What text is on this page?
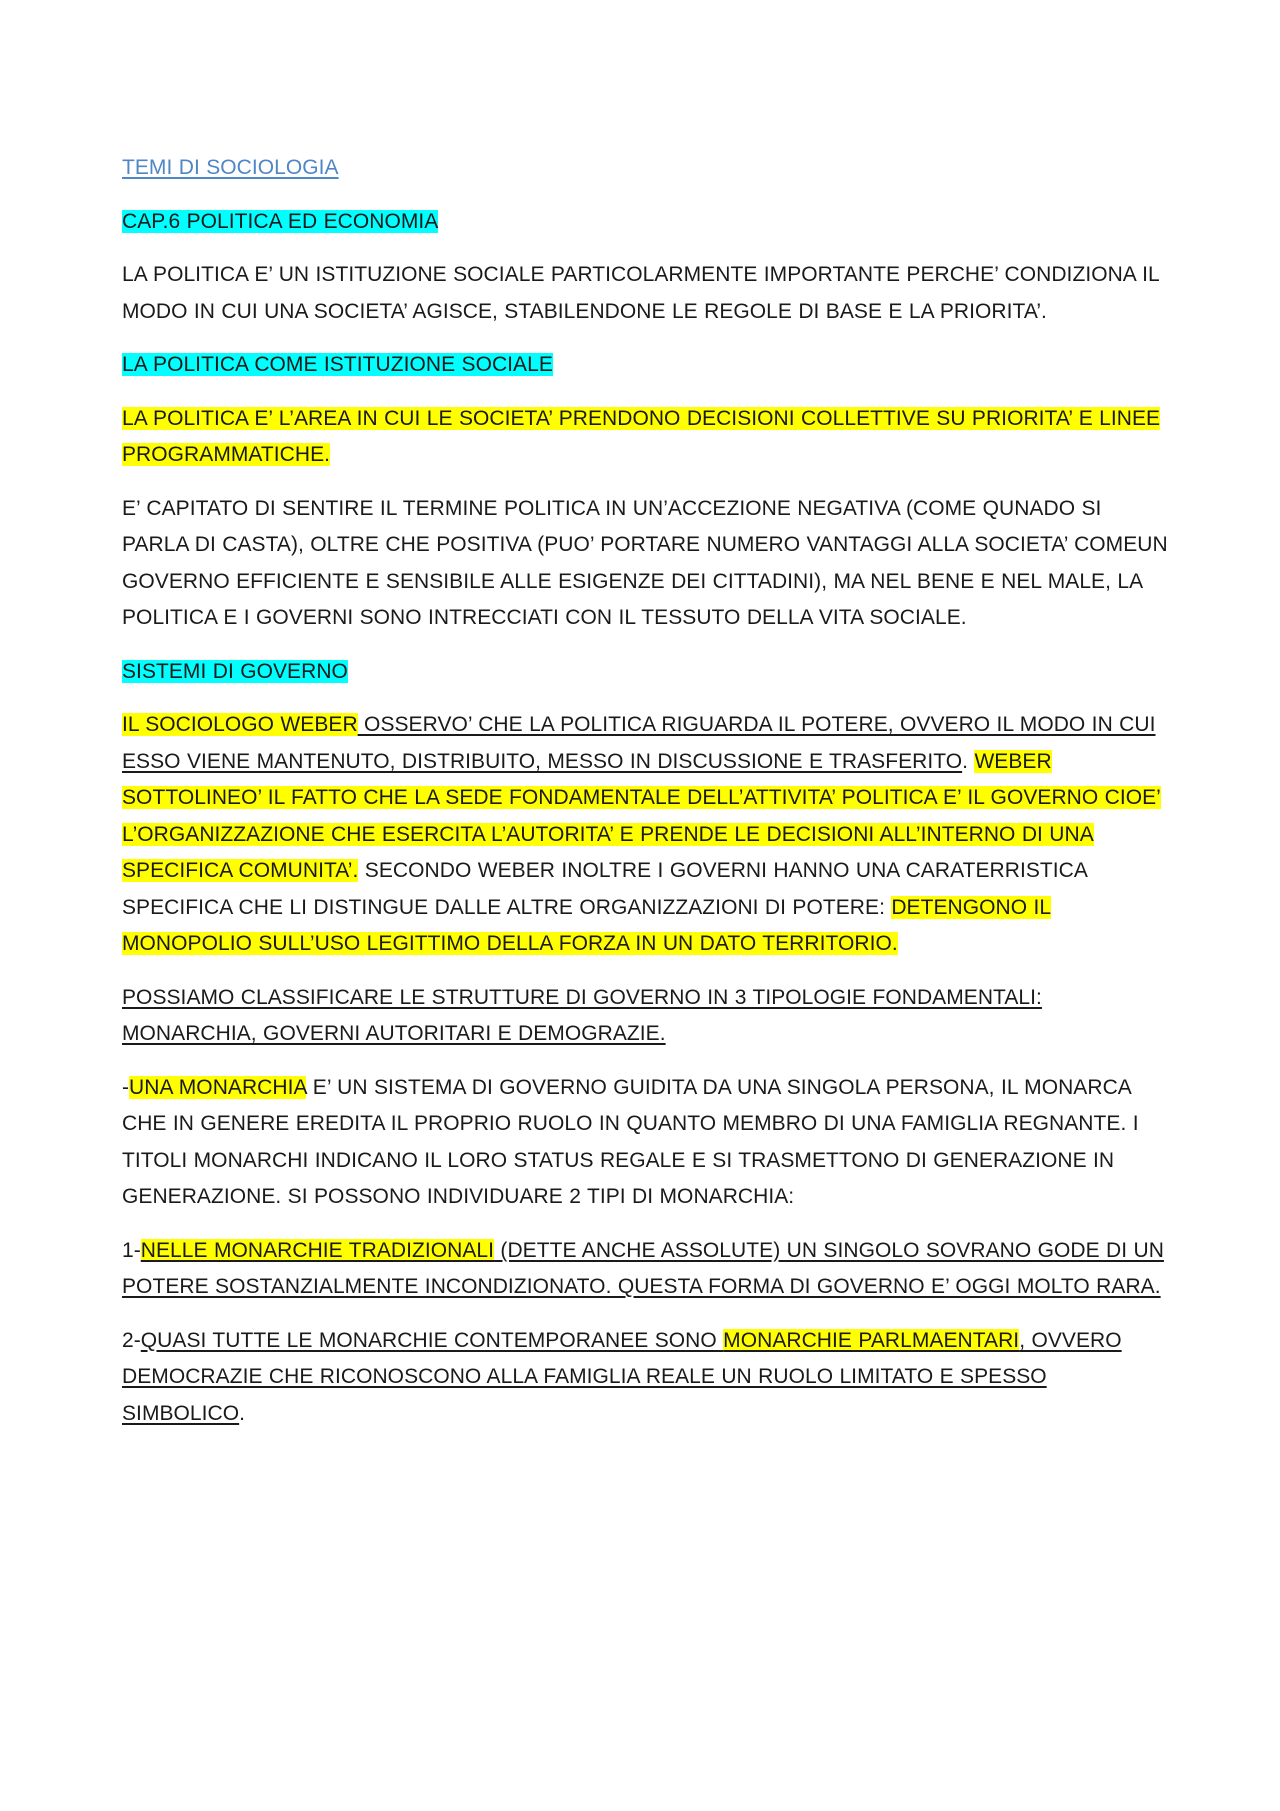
TEMI DI SOCIOLOGIA

CAP.6 POLITICA ED ECONOMIA

LA POLITICA E’ UN ISTITUZIONE SOCIALE PARTICOLARMENTE IMPORTANTE PERCHE’ CONDIZIONA IL MODO IN CUI UNA SOCIETA’ AGISCE, STABILENDONE LE REGOLE DI BASE E LA PRIORITA’.

LA POLITICA COME ISTITUZIONE SOCIALE

LA POLITICA E’ L’AREA IN CUI LE SOCIETA’ PRENDONO DECISIONI COLLETTIVE SU PRIORITA’ E LINEE PROGRAMMATICHE.

E’ CAPITATO DI SENTIRE IL TERMINE POLITICA IN UN’ACCEZIONE NEGATIVA (COME QUNADO SI PARLA DI CASTA), OLTRE CHE POSITIVA (PUO’ PORTARE NUMERO VANTAGGI ALLA SOCIETA’ COMEUN GOVERNO EFFICIENTE E SENSIBILE ALLE ESIGENZE DEI CITTADINI), MA NEL BENE E NEL MALE, LA POLITICA E I GOVERNI SONO INTRECCIATI CON IL TESSUTO DELLA VITA SOCIALE.

SISTEMI DI GOVERNO

IL SOCIOLOGO WEBER OSSERVO’ CHE LA POLITICA RIGUARDA IL POTERE, OVVERO IL MODO IN CUI ESSO VIENE MANTENUTO, DISTRIBUITO, MESSO IN DISCUSSIONE E TRASFERITO. WEBER SOTTOLINEO’ IL FATTO CHE LA SEDE FONDAMENTALE DELL’ATTIVITA’ POLITICA E’ IL GOVERNO CIOE’ L’ORGANIZZAZIONE CHE ESERCITA L’AUTORITA’ E PRENDE LE DECISIONI ALL’INTERNO DI UNA SPECIFICA COMUNITA’. SECONDO WEBER INOLTRE I GOVERNI HANNO UNA CARATERRISTICA SPECIFICA CHE LI DISTINGUE DALLE ALTRE ORGANIZZAZIONI DI POTERE: DETENGONO IL MONOPOLIO SULL’USO LEGITTIMO DELLA FORZA IN UN DATO TERRITORIO.

POSSIAMO CLASSIFICARE LE STRUTTURE DI GOVERNO IN 3 TIPOLOGIE FONDAMENTALI: MONARCHIA, GOVERNI AUTORITARI E DEMOGRAZIE.

-UNA MONARCHIA E’ UN SISTEMA DI GOVERNO GUIDITA DA UNA SINGOLA PERSONA, IL MONARCA CHE IN GENERE EREDITA IL PROPRIO RUOLO IN QUANTO MEMBRO DI UNA FAMIGLIA REGNANTE. I TITOLI MONARCHI INDICANO IL LORO STATUS REGALE E SI TRASMETTONO DI GENERAZIONE IN GENERAZIONE. SI POSSONO INDIVIDUARE 2 TIPI DI MONARCHIA:

1-NELLE MONARCHIE TRADIZIONALI (DETTE ANCHE ASSOLUTE) UN SINGOLO SOVRANO GODE DI UN POTERE SOSTANZIALMENTE INCONDIZIONATO. QUESTA FORMA DI GOVERNO E’ OGGI MOLTO RARA.

2-QUASI TUTTE LE MONARCHIE CONTEMPORANEE SONO MONARCHIE PARLMAENTARI, OVVERO DEMOCRAZIE CHE RICONOSCONO ALLA FAMIGLIA REALE UN RUOLO LIMITATO E SPESSO SIMBOLICO.
